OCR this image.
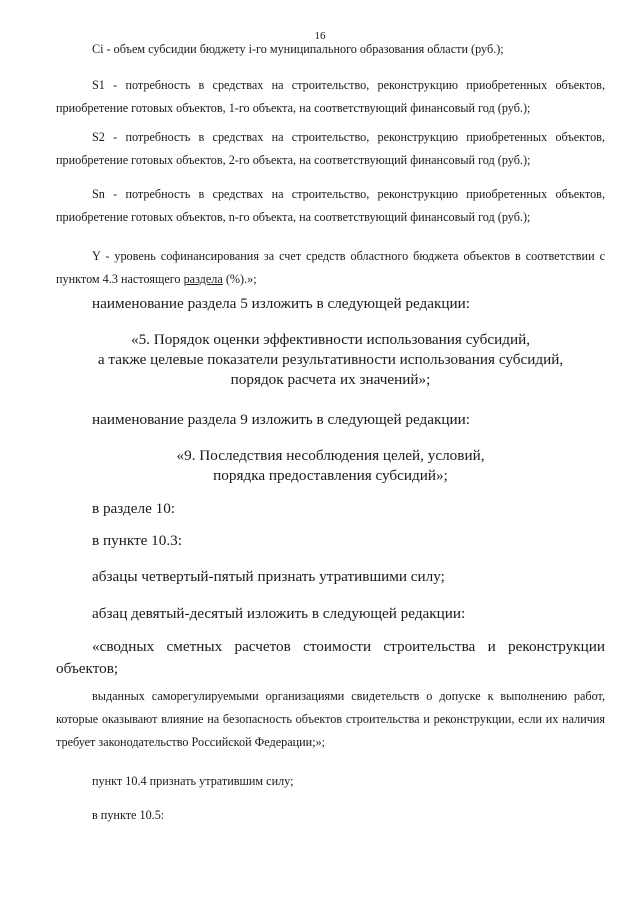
16

Ci - объем субсидии бюджету i-го муниципального образования области (руб.);

S1 - потребность в средствах на строительство, реконструкцию приобретенных объектов, приобретение готовых объектов, 1-го объекта, на соответствующий финансовый год (руб.);

S2 - потребность в средствах на строительство, реконструкцию приобретенных объектов, приобретение готовых объектов, 2-го объекта, на соответствующий финансовый год (руб.);

Sn - потребность в средствах на строительство, реконструкцию приобретенных объектов, приобретение готовых объектов, n-го объекта, на соответствующий финансовый год (руб.);

Y - уровень софинансирования за счет средств областного бюджета объектов в соответствии с пунктом 4.3 настоящего раздела (%).»;

наименование раздела 5 изложить в следующей редакции:

«5. Порядок оценки эффективности использования субсидий,
а также целевые показатели результативности использования субсидий,
порядок расчета их значений»;

наименование раздела 9 изложить в следующей редакции:

«9. Последствия несоблюдения целей, условий,
порядка предоставления субсидий»;

в разделе 10:

в пункте 10.3:

абзацы четвертый-пятый признать утратившими силу;

абзац девятый-десятый изложить в следующей редакции:

«сводных сметных расчетов стоимости строительства и реконструкции объектов;

выданных саморегулируемыми организациями свидетельств о допуске к выполнению работ, которые оказывают влияние на безопасность объектов строительства и реконструкции, если их наличия требует законодательство Российской Федерации;»;

пункт 10.4 признать утратившим силу;

в пункте 10.5:
